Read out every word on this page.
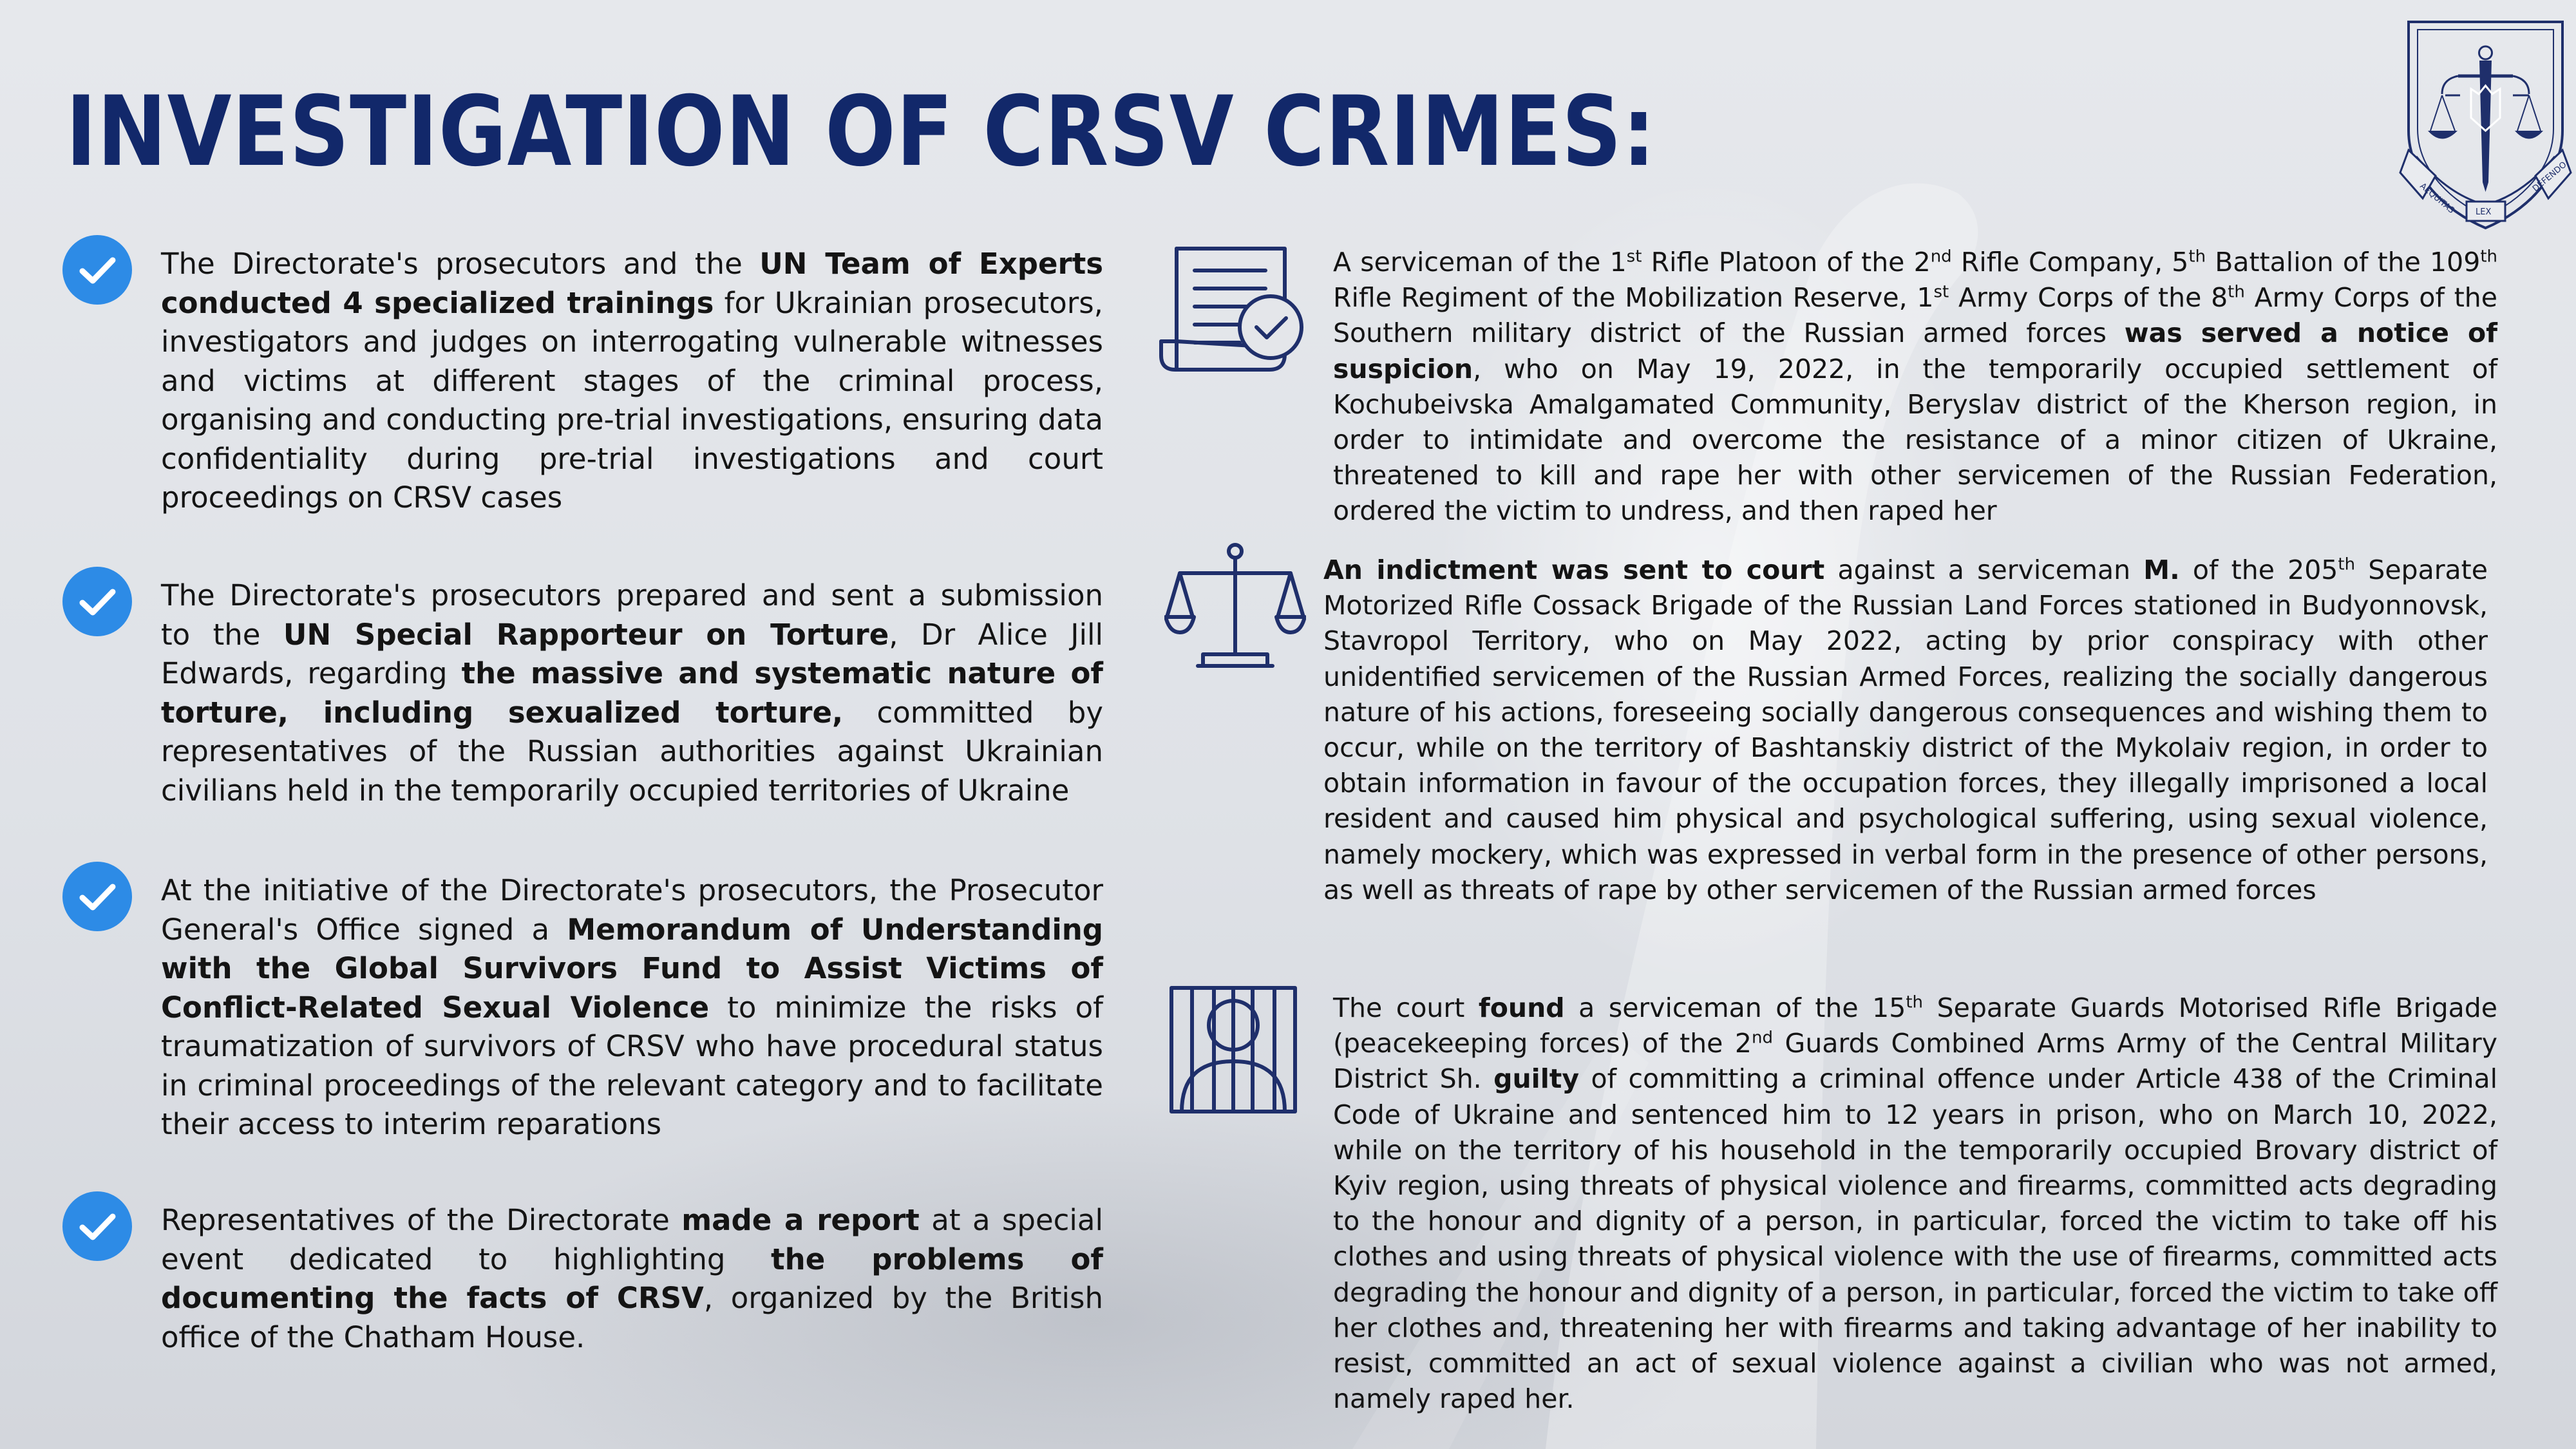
INVESTIGATION OF CRSV CRIMES:
AEQUITAS LEX
DEFENDO

The Directorate's prosecutors and the UN Team of Experts conducted 4 specialized trainings for Ukrainian prosecutors, investigators and judges on interrogating vulnerable witnesses and victims at different stages of the criminal process, organising and conducting pre-trial investigations, ensuring data confidentiality during pre-trial investigations and court proceedings on CRSV cases

The Directorate's prosecutors prepared and sent a submission to the UN Special Rapporteur on Torture, Dr Alice Jill Edwards, regarding the massive and systematic nature of torture, including sexualized torture, committed by representatives of the Russian authorities against Ukrainian civilians held in the temporarily occupied territories of Ukraine

At the initiative of the Directorate's prosecutors, the Prosecutor General's Office signed a Memorandum of Understanding with the Global Survivors Fund to Assist Victims of Conflict-Related Sexual Violence to minimize the risks of traumatization of survivors of CRSV who have procedural status in criminal proceedings of the relevant category and to facilitate their access to interim reparations

Representatives of the Directorate made a report at a special event dedicated to highlighting the problems of documenting the facts of CRSV, organized by the British office of the Chatham House.

A serviceman of the 1st Rifle Platoon of the 2nd Rifle Company, 5th Battalion of the 109th Rifle Regiment of the Mobilization Reserve, 1st Army Corps of the 8th Army Corps of the Southern military district of the Russian armed forces was served a notice of suspicion, who on May 19, 2022, in the temporarily occupied settlement of Kochubeivska Amalgamated Community, Beryslav district of the Kherson region, in order to intimidate and overcome the resistance of a minor citizen of Ukraine, threatened to kill and rape her with other servicemen of the Russian Federation, ordered the victim to undress, and then raped her

An indictment was sent to court against a serviceman M. of the 205th Separate Motorized Rifle Cossack Brigade of the Russian Land Forces stationed in Budyonnovsk, Stavropol Territory, who on May 2022, acting by prior conspiracy with other unidentified servicemen of the Russian Armed Forces, realizing the socially dangerous nature of his actions, foreseeing socially dangerous consequences and wishing them to occur, while on the territory of Bashtanskiy district of the Mykolaiv region, in order to obtain information in favour of the occupation forces, they illegally imprisoned a local resident and caused him physical and psychological suffering, using sexual violence, namely mockery, which was expressed in verbal form in the presence of other persons, as well as threats of rape by other servicemen of the Russian armed forces

The court found a serviceman of the 15th Separate Guards Motorised Rifle Brigade (peacekeeping forces) of the 2nd Guards Combined Arms Army of the Central Military District Sh. guilty of committing a criminal offence under Article 438 of the Criminal Code of Ukraine and sentenced him to 12 years in prison, who on March 10, 2022, while on the territory of his household in the temporarily occupied Brovary district of Kyiv region, using threats of physical violence and firearms, committed acts degrading to the honour and dignity of a person, in particular, forced the victim to take off his clothes and using threats of physical violence with the use of firearms, committed acts degrading the honour and dignity of a person, in particular, forced the victim to take off her clothes and, threatening her with firearms and taking advantage of her inability to resist, committed an act of sexual violence against a civilian who was not armed, namely raped her.
